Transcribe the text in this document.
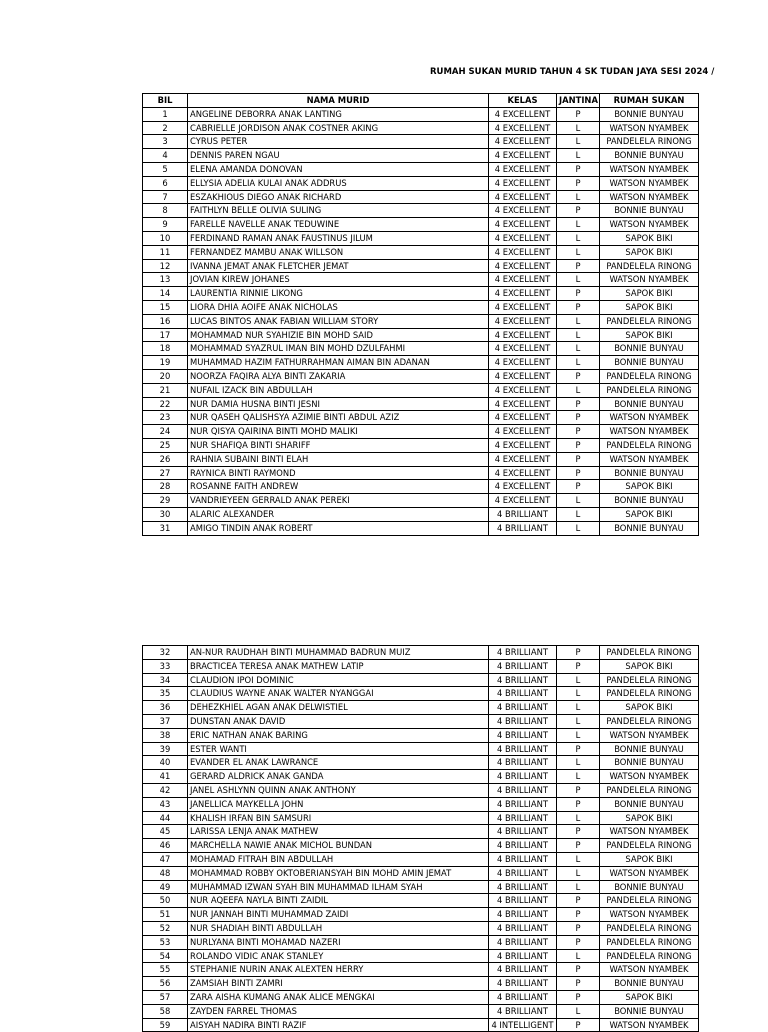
RUMAH SUKAN MURID TAHUN 4 SK TUDAN JAYA SESI 2024 /
BIL	NAMA MURID	KELAS	JANTINA	RUMAH SUKAN
1	ANGELINE DEBORRA ANAK LANTING	4 EXCELLENT	P	BONNIE BUNYAU
2	CABRIELLE JORDISON ANAK COSTNER AKING	4 EXCELLENT	L	WATSON NYAMBEK
3	CYRUS PETER	4 EXCELLENT	L	PANDELELA RINONG
4	DENNIS PAREN NGAU	4 EXCELLENT	L	BONNIE BUNYAU
5	ELENA AMANDA DONOVAN	4 EXCELLENT	P	WATSON NYAMBEK
6	ELLYSIA ADELIA KULAI ANAK ADDRUS	4 EXCELLENT	P	WATSON NYAMBEK
7	ESZAKHIOUS DIEGO ANAK RICHARD	4 EXCELLENT	L	WATSON NYAMBEK
8	FAITHLYN BELLE OLIVIA SULING	4 EXCELLENT	P	BONNIE BUNYAU
9	FARELLE NAVELLE ANAK TEDUWINE	4 EXCELLENT	L	WATSON NYAMBEK
10	FERDINAND RAMAN ANAK FAUSTINUS JILUM	4 EXCELLENT	L	SAPOK BIKI
11	FERNANDEZ MAMBU ANAK WILLSON	4 EXCELLENT	L	SAPOK BIKI
12	IVANNA JEMAT ANAK FLETCHER JEMAT	4 EXCELLENT	P	PANDELELA RINONG
13	JOVIAN KIREW JOHANES	4 EXCELLENT	L	WATSON NYAMBEK
14	LAURENTIA RINNIE LIKONG	4 EXCELLENT	P	SAPOK BIKI
15	LIORA DHIA AOIFE ANAK NICHOLAS	4 EXCELLENT	P	SAPOK BIKI
16	LUCAS BINTOS ANAK FABIAN WILLIAM STORY	4 EXCELLENT	L	PANDELELA RINONG
17	MOHAMMAD NUR SYAHIZIE BIN MOHD SAID	4 EXCELLENT	L	SAPOK BIKI
18	MOHAMMAD SYAZRUL IMAN BIN MOHD DZULFAHMI	4 EXCELLENT	L	BONNIE BUNYAU
19	MUHAMMAD HAZIM FATHURRAHMAN AIMAN BIN ADANAN	4 EXCELLENT	L	BONNIE BUNYAU
20	NOORZA FAQIRA ALYA BINTI ZAKARIA	4 EXCELLENT	P	PANDELELA RINONG
21	NUFAIL IZACK BIN ABDULLAH	4 EXCELLENT	L	PANDELELA RINONG
22	NUR DAMIA HUSNA BINTI JESNI	4 EXCELLENT	P	BONNIE BUNYAU
23	NUR QASEH QALISHSYA AZIMIE BINTI ABDUL AZIZ	4 EXCELLENT	P	WATSON NYAMBEK
24	NUR QISYA QAIRINA BINTI MOHD MALIKI	4 EXCELLENT	P	WATSON NYAMBEK
25	NUR SHAFIQA BINTI SHARIFF	4 EXCELLENT	P	PANDELELA RINONG
26	RAHNIA SUBAINI BINTI ELAH	4 EXCELLENT	P	WATSON NYAMBEK
27	RAYNICA BINTI RAYMOND	4 EXCELLENT	P	BONNIE BUNYAU
28	ROSANNE FAITH ANDREW	4 EXCELLENT	P	SAPOK BIKI
29	VANDRIEYEEN GERRALD ANAK PEREKI	4 EXCELLENT	L	BONNIE BUNYAU
30	ALARIC ALEXANDER	4 BRILLIANT	L	SAPOK BIKI
31	AMIGO TINDIN ANAK ROBERT	4 BRILLIANT	L	BONNIE BUNYAU
32	AN-NUR RAUDHAH BINTI MUHAMMAD BADRUN MUIZ	4 BRILLIANT	P	PANDELELA RINONG
33	BRACTICEA TERESA ANAK MATHEW LATIP	4 BRILLIANT	P	SAPOK BIKI
34	CLAUDION IPOI DOMINIC	4 BRILLIANT	L	PANDELELA RINONG
35	CLAUDIUS WAYNE ANAK WALTER NYANGGAI	4 BRILLIANT	L	PANDELELA RINONG
36	DEHEZKHIEL AGAN ANAK DELWISTIEL	4 BRILLIANT	L	SAPOK BIKI
37	DUNSTAN ANAK DAVID	4 BRILLIANT	L	PANDELELA RINONG
38	ERIC NATHAN ANAK BARING	4 BRILLIANT	L	WATSON NYAMBEK
39	ESTER WANTI	4 BRILLIANT	P	BONNIE BUNYAU
40	EVANDER EL ANAK LAWRANCE	4 BRILLIANT	L	BONNIE BUNYAU
41	GERARD ALDRICK ANAK GANDA	4 BRILLIANT	L	WATSON NYAMBEK
42	JANEL ASHLYNN QUINN ANAK ANTHONY	4 BRILLIANT	P	PANDELELA RINONG
43	JANELLICA MAYKELLA JOHN	4 BRILLIANT	P	BONNIE BUNYAU
44	KHALISH IRFAN BIN SAMSURI	4 BRILLIANT	L	SAPOK BIKI
45	LARISSA LENJA ANAK MATHEW	4 BRILLIANT	P	WATSON NYAMBEK
46	MARCHELLA NAWIE ANAK MICHOL BUNDAN	4 BRILLIANT	P	PANDELELA RINONG
47	MOHAMAD FITRAH BIN ABDULLAH	4 BRILLIANT	L	SAPOK BIKI
48	MOHAMMAD ROBBY OKTOBERIANSYAH BIN MOHD AMIN JEMAT	4 BRILLIANT	L	WATSON NYAMBEK
49	MUHAMMAD IZWAN SYAH BIN MUHAMMAD ILHAM SYAH	4 BRILLIANT	L	BONNIE BUNYAU
50	NUR AQEEFA NAYLA BINTI ZAIDIL	4 BRILLIANT	P	PANDELELA RINONG
51	NUR JANNAH BINTI MUHAMMAD ZAIDI	4 BRILLIANT	P	WATSON NYAMBEK
52	NUR SHADIAH BINTI ABDULLAH	4 BRILLIANT	P	PANDELELA RINONG
53	NURLYANA BINTI MOHAMAD NAZERI	4 BRILLIANT	P	PANDELELA RINONG
54	ROLANDO VIDIC ANAK STANLEY	4 BRILLIANT	L	PANDELELA RINONG
55	STEPHANIE NURIN ANAK ALEXTEN HERRY	4 BRILLIANT	P	WATSON NYAMBEK
56	ZAMSIAH BINTI ZAMRI	4 BRILLIANT	P	BONNIE BUNYAU
57	ZARA AISHA KUMANG ANAK ALICE MENGKAI	4 BRILLIANT	P	SAPOK BIKI
58	ZAYDEN FARREL THOMAS	4 BRILLIANT	L	BONNIE BUNYAU
59	AISYAH NADIRA BINTI RAZIF	4 INTELLIGENT	P	WATSON NYAMBEK
